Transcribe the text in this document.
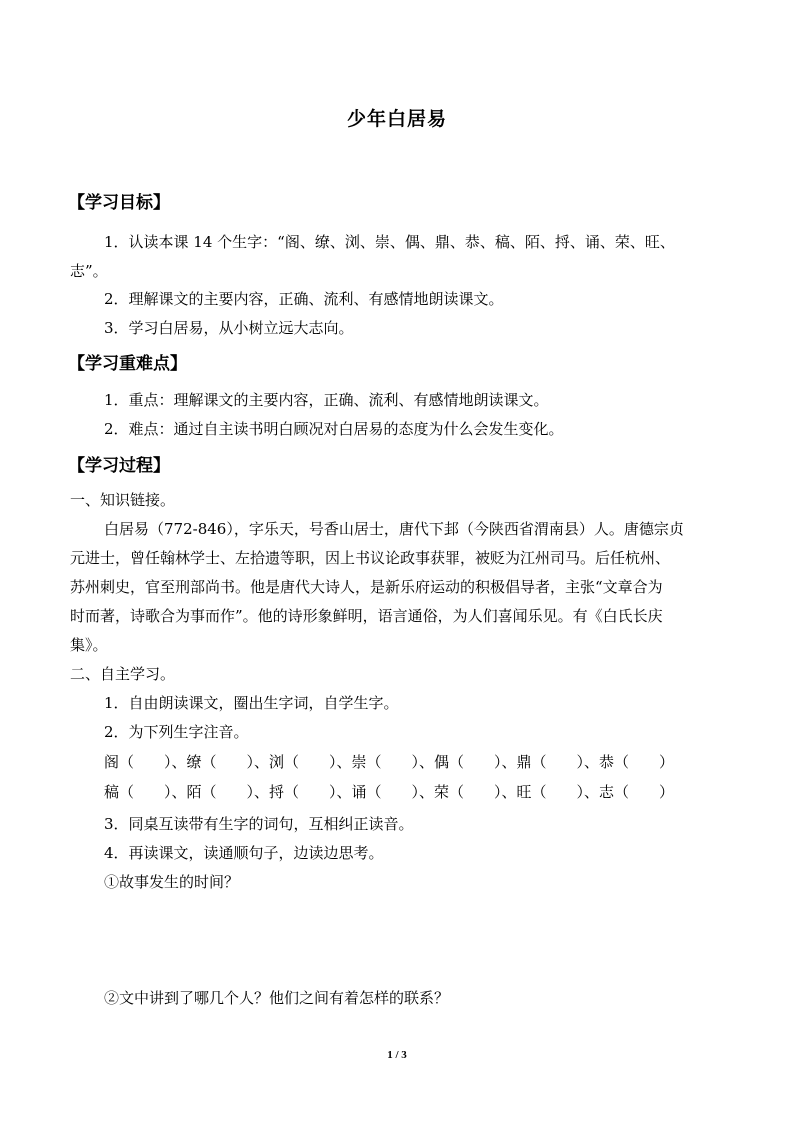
少年白居易
【学习目标】
1．认读本课 14 个生字：“阁、缭、浏、崇、偶、鼎、恭、稿、陌、捋、诵、荣、旺、
志”。
2．理解课文的主要内容，正确、流利、有感情地朗读课文。
3．学习白居易，从小树立远大志向。
【学习重难点】
1．重点：理解课文的主要内容，正确、流利、有感情地朗读课文。
2．难点：通过自主读书明白顾况对白居易的态度为什么会发生变化。
【学习过程】
一、知识链接。
白居易（772-846），字乐天，号香山居士，唐代下邽（今陕西省渭南县）人。唐德宗贞
元进士，曾任翰林学士、左拾遗等职，因上书议论政事获罪，被贬为江州司马。后任杭州、
苏州刺史，官至刑部尚书。他是唐代大诗人，是新乐府运动的积极倡导者，主张“文章合为
时而著，诗歌合为事而作”。他的诗形象鲜明，语言通俗，为人们喜闻乐见。有《白氏长庆
集》。
二、自主学习。
1．自由朗读课文，圈出生字词，自学生字。
2．为下列生字注音。
阁（　　）、缭（　　）、浏（　　）、崇（　　）、偶（　　）、鼎（　　）、恭（　　）
稿（　　）、陌（　　）、捋（　　）、诵（　　）、荣（　　）、旺（　　）、志（　　）
3．同桌互读带有生字的词句，互相纠正读音。
4．再读课文，读通顺句子，边读边思考。
①故事发生的时间？
②文中讲到了哪几个人？他们之间有着怎样的联系？
1 / 3
